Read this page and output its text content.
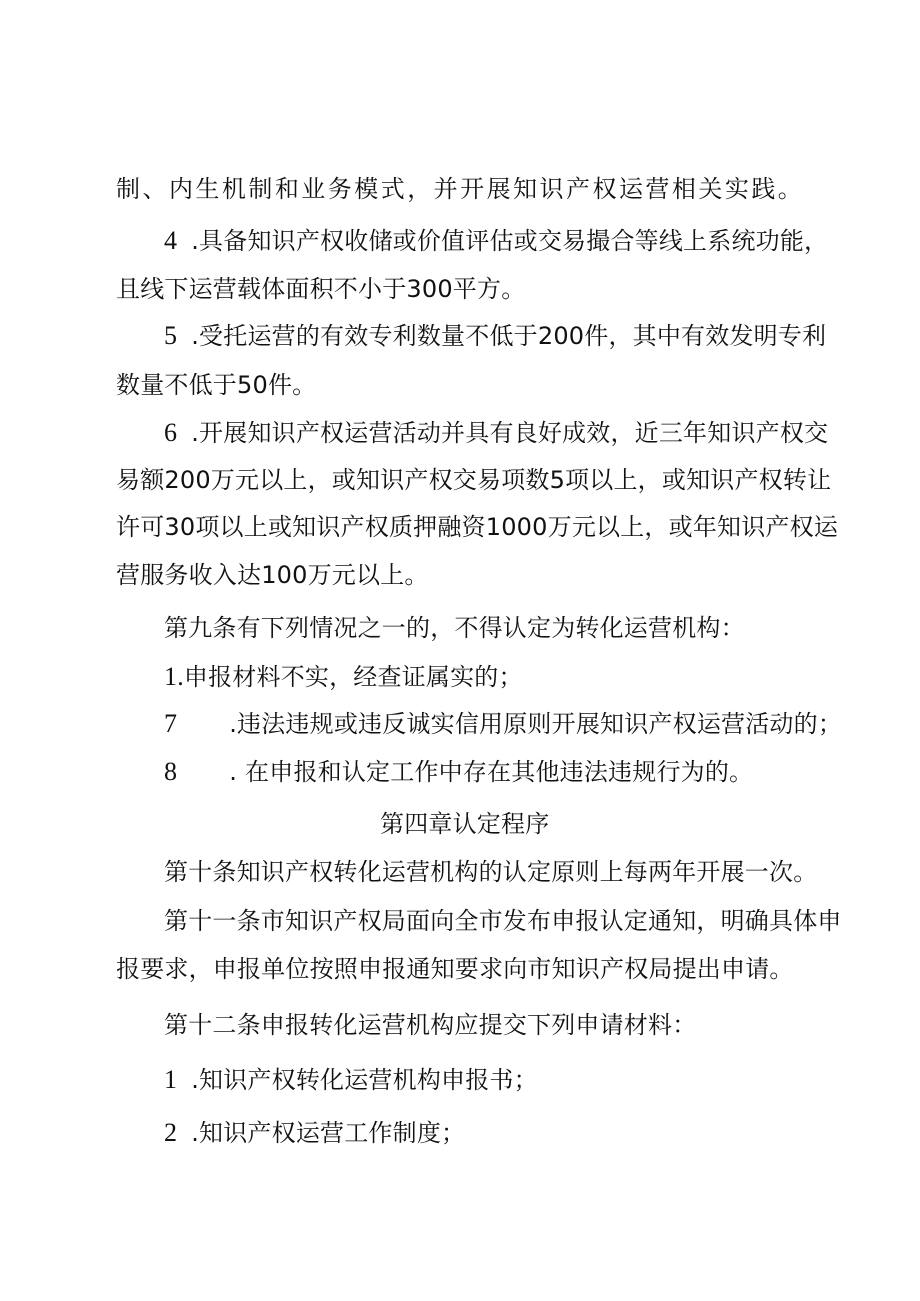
制、内生机制和业务模式，并开展知识产权运营相关实践。
4 .具备知识产权收储或价值评估或交易撮合等线上系统功能，
且线下运营载体面积不小于300平方。
5 .受托运营的有效专利数量不低于200件，其中有效发明专利
数量不低于50件。
6 .开展知识产权运营活动并具有良好成效，近三年知识产权交
易额200万元以上，或知识产权交易项数5项以上，或知识产权转让
许可30项以上或知识产权质押融资1000万元以上，或年知识产权运
营服务收入达100万元以上。
第九条有下列情况之一的，不得认定为转化运营机构：
1.申报材料不实，经查证属实的；
7 .违法违规或违反诚实信用原则开展知识产权运营活动的；
8 . 在申报和认定工作中存在其他违法违规行为的。
第四章认定程序
第十条知识产权转化运营机构的认定原则上每两年开展一次。
第十一条市知识产权局面向全市发布申报认定通知，明确具体申
报要求，申报单位按照申报通知要求向市知识产权局提出申请。
第十二条申报转化运营机构应提交下列申请材料：
1 .知识产权转化运营机构申报书；
2 .知识产权运营工作制度；
